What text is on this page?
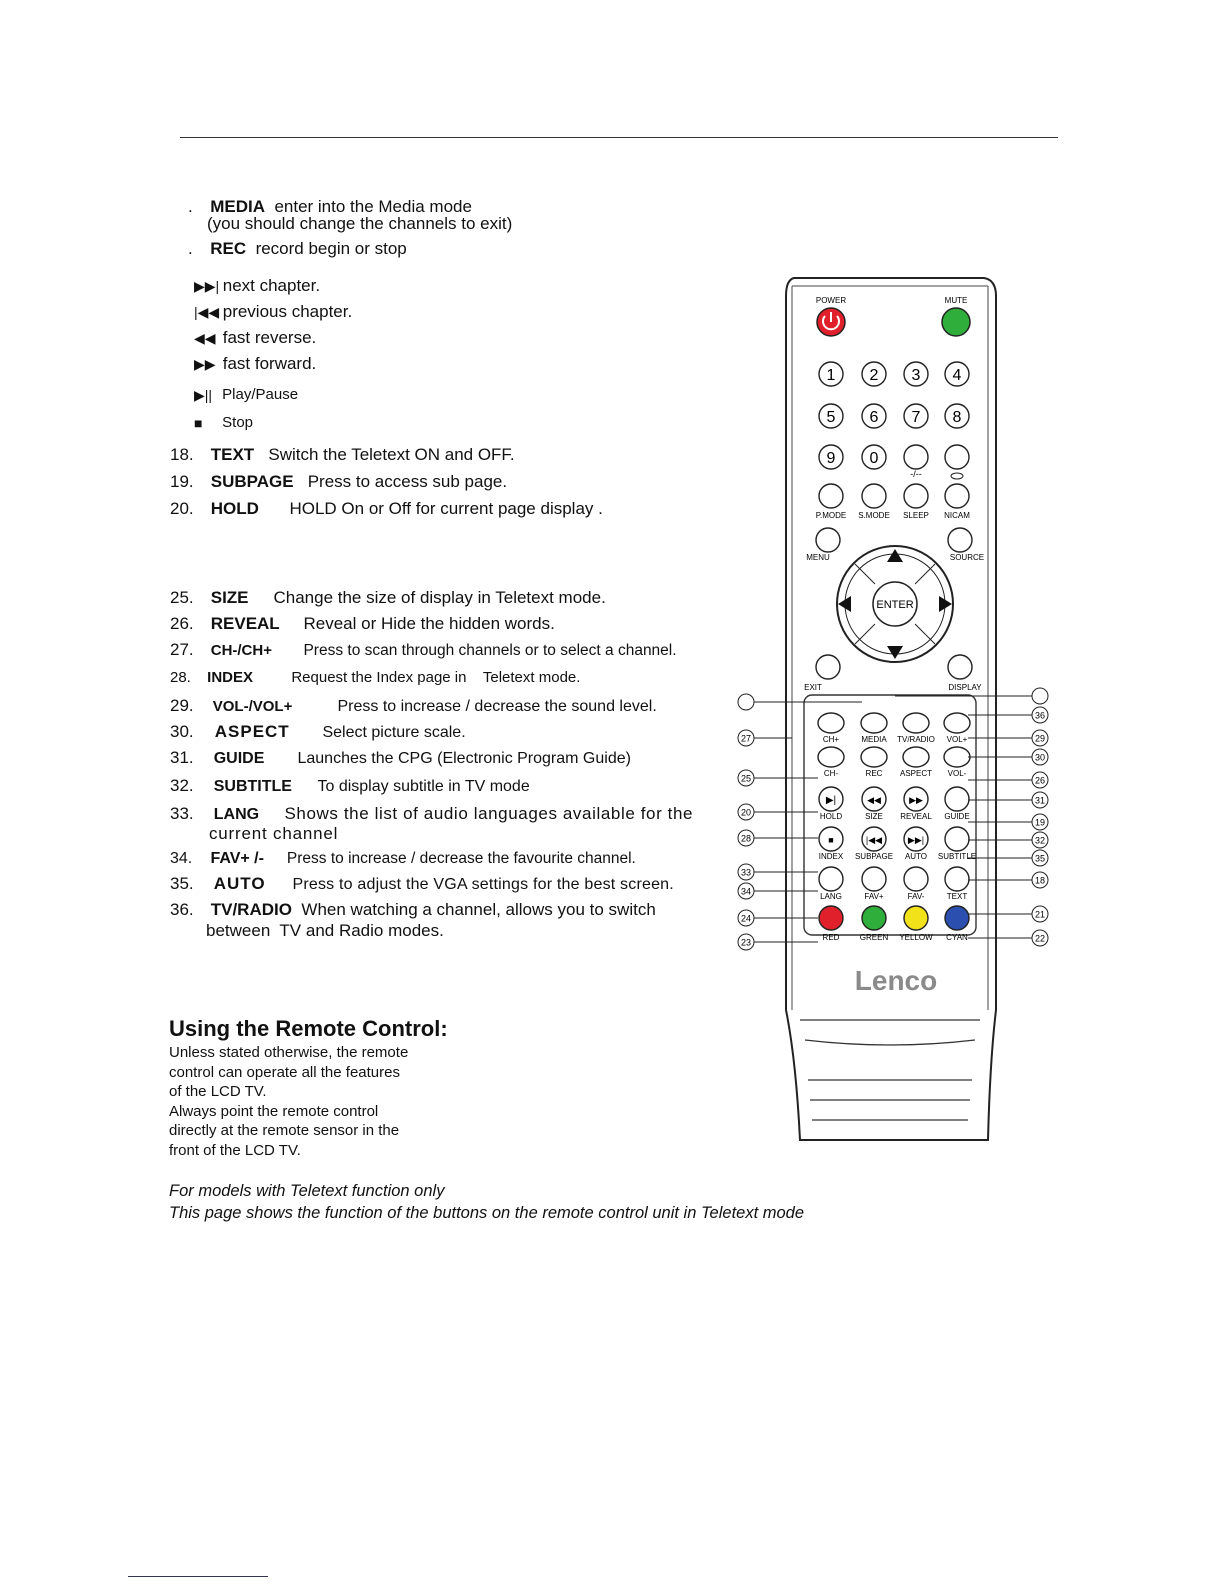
. MEDIA enter into the Media mode
(you should change the channels to exit)
. REC record begin or stop
▶▶| next chapter.
|◀◀ previous chapter.
◀◀ fast reverse.
▶▶ fast forward.
▶|| Play/Pause
■ Stop
18. TEXT Switch the Teletext ON and OFF.
19. SUBPAGE Press to access sub page.
20. HOLD HOLD On or Off for current page display .
25. SIZE Change the size of display in Teletext mode.
26. REVEAL Reveal or Hide the hidden words.
27. CH-/CH+ Press to scan through channels or to select a channel.
28. INDEX	Request the Index page in    Teletext mode.
29. VOL-/VOL+	Press to increase / decrease the sound level.
30. ASPECT Select picture scale.
31. GUIDE Launches the CPG (Electronic Program Guide)
32. SUBTITLE To display subtitle in TV mode
33. LANG Shows the list of audio languages available for the
current channel
34. FAV+ /- Press to increase / decrease the favourite channel.
35. AUTO Press to adjust the VGA settings for the best screen.
36. TV/RADIO When watching a channel, allows you to switch
between  TV and Radio modes.
Using the Remote Control:
Unless stated otherwise, the remote
control can operate all the features
of the LCD TV.
Always point the remote control
directly at the remote sensor in the
front of the LCD TV.
For models with Teletext function only
This page shows the function of the buttons on the remote control unit in Teletext mode
POWER	MUTE
1 2 3 4
5 6 7 8
9 0
-/--
P.MODE S.MODE SLEEP NICAM
ENTER
MENU	SOURCE
EXIT	DISPLAY
CH+	MEDIA TV/RADIO VOL+
CH-	REC ASPECT VOL-
▶|
HOLD
◀◀
SIZE
▶▶
REVEAL GUIDE
■
INDEX
|◀◀
SUBPAGE
▶▶|
AUTO SUBTITLE
LANG	FAV+	FAV-	TEXT
RED	GREEN YELLOW CYAN
27
25
20
28
33
34
24
23
36
29
30
26
31
19
32
35
18
21
22
Lenco
